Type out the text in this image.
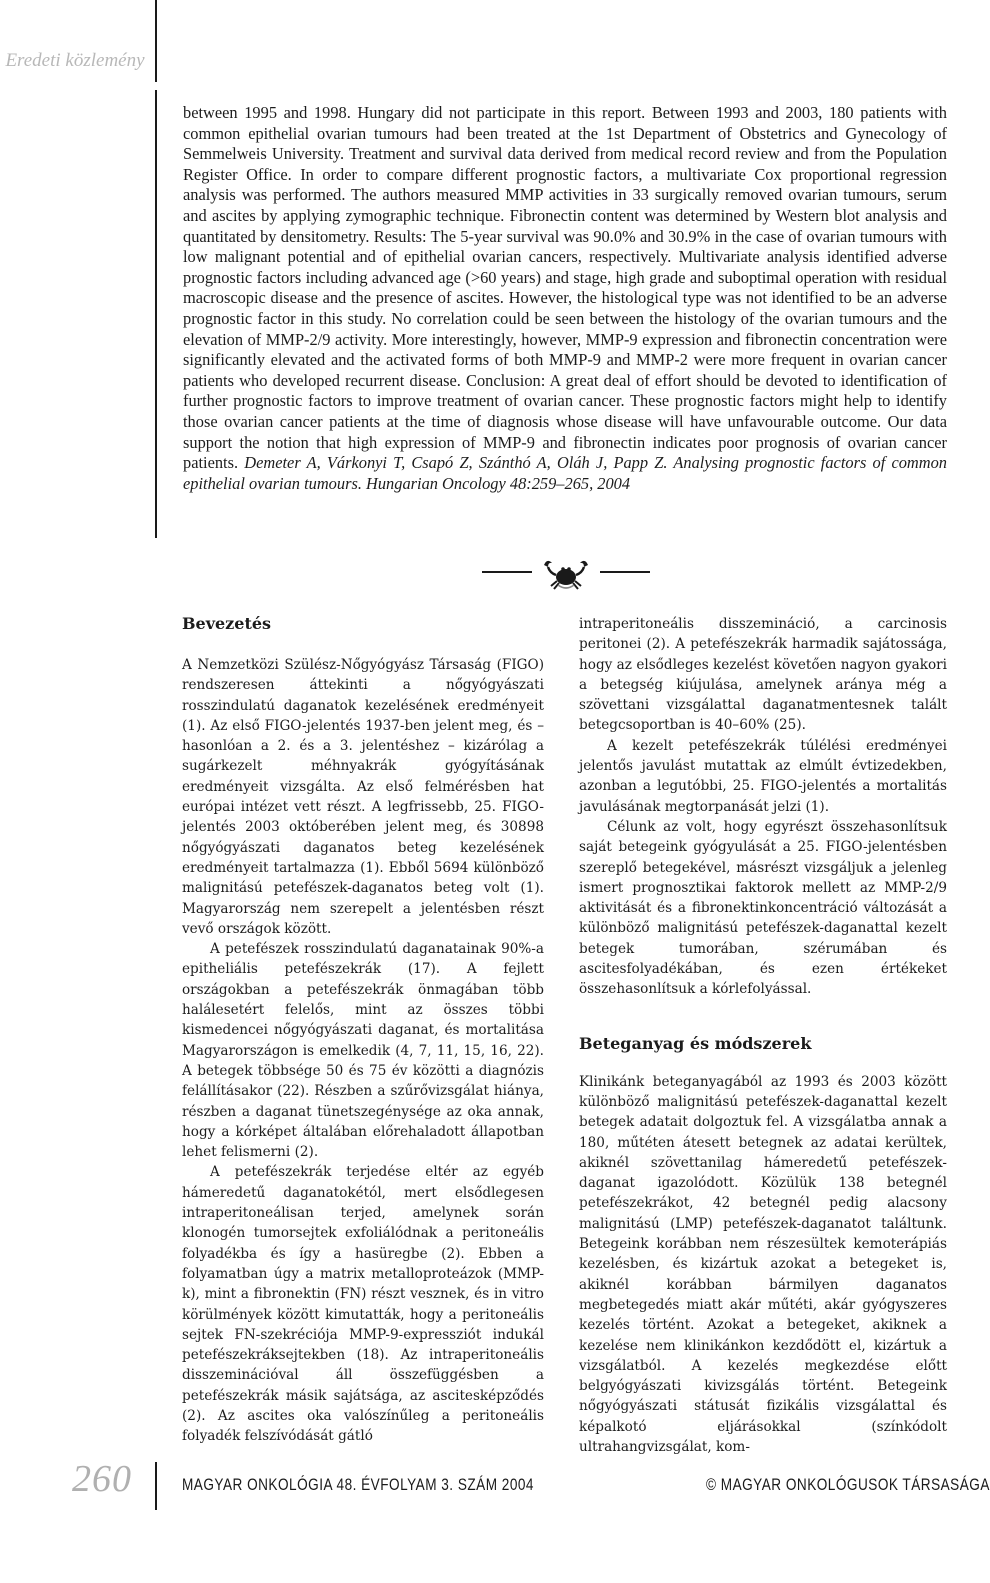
Eredeti közlemény
between 1995 and 1998. Hungary did not participate in this report. Between 1993 and 2003, 180 patients with common epithelial ovarian tumours had been treated at the 1st Department of Obstetrics and Gynecology of Semmelweis University. Treatment and survival data derived from medical record review and from the Population Register Office. In order to compare different prognostic factors, a multivariate Cox proportional regression analysis was performed. The authors measured MMP activities in 33 surgically removed ovarian tumours, serum and ascites by applying zymographic technique. Fibronectin content was determined by Western blot analysis and quantitated by densitometry. Results: The 5-year survival was 90.0% and 30.9% in the case of ovarian tumours with low malignant potential and of epithelial ovarian cancers, respectively. Multivariate analysis identified adverse prognostic factors including advanced age (>60 years) and stage, high grade and suboptimal operation with residual macroscopic disease and the presence of ascites. However, the histological type was not identified to be an adverse prognostic factor in this study. No correlation could be seen between the histology of the ovarian tumours and the elevation of MMP-2/9 activity. More interestingly, however, MMP-9 expression and fibronectin concentration were significantly elevated and the activated forms of both MMP-9 and MMP-2 were more frequent in ovarian cancer patients who developed recurrent disease. Conclusion: A great deal of effort should be devoted to identification of further prognostic factors to improve treatment of ovarian cancer. These prognostic factors might help to identify those ovarian cancer patients at the time of diagnosis whose disease will have unfavourable outcome. Our data support the notion that high expression of MMP-9 and fibronectin indicates poor prognosis of ovarian cancer patients. Demeter A, Várkonyi T, Csapó Z, Szánthó A, Oláh J, Papp Z. Analysing prognostic factors of common epithelial ovarian tumours. Hungarian Oncology 48:259–265, 2004
Bevezetés

A Nemzetközi Szülész-Nőgyógyász Társaság (FIGO) rendszeresen áttekinti a nőgyógyászati rosszindulatú daganatok kezelésének eredményeit (1). Az első FIGO-jelentés 1937-ben jelent meg, és – hasonlóan a 2. és a 3. jelentéshez – kizárólag a sugárkezelt méhnyakrák gyógyításának eredményeit vizsgálta. Az első felmérésben hat európai intézet vett részt. A legfrissebb, 25. FIGO-jelentés 2003 októberében jelent meg, és 30898 nőgyógyászati daganatos beteg kezelésének eredményeit tartalmazza (1). Ebből 5694 különböző malignitású petefészek-daganatos beteg volt (1). Magyarország nem szerepelt a jelentésben részt vevő országok között.

A petefészek rosszindulatú daganatainak 90%-a epitheliális petefészekrák (17). A fejlett országokban a petefészekrák önmagában több halálesetért felelős, mint az összes többi kismedencei nőgyógyászati daganat, és mortalitása Magyarországon is emelkedik (4, 7, 11, 15, 16, 22). A betegek többsége 50 és 75 év közötti a diagnózis felállításakor (22). Részben a szűrővizsgálat hiánya, részben a daganat tünetszegénysége az oka annak, hogy a kórképet általában előrehaladott állapotban lehet felismerni (2).

A petefészekrák terjedése eltér az egyéb hámeredetű daganatokétól, mert elsődlegesen intraperitoneálisan terjed, amelynek során klonogén tumorsejtek exfoliálódnak a peritoneális folyadékba és így a hasüregbe (2). Ebben a folyamatban úgy a matrix metalloproteázok (MMP-k), mint a fibronektin (FN) részt vesznek, és in vitro körülmények között kimutatták, hogy a peritoneális sejtek FN-szekréciója MMP-9-expressziót indukál petefészekráksejtekben (18). Az intraperitoneális disszeminációval áll összefüggésben a petefészekrák másik sajátsága, az ascitesképződés (2). Az ascites oka valószínűleg a peritoneális folyadék felszívódását gátló

intraperitoneális disszemináció, a carcinosis peritonei (2). A petefészekrák harmadik sajátossága, hogy az elsődleges kezelést követően nagyon gyakori a betegség kiújulása, amelynek aránya még a szövettani vizsgálattal daganatmentesnek talált betegcsoportban is 40–60% (25).

A kezelt petefészekrák túlélési eredményei jelentős javulást mutattak az elmúlt évtizedekben, azonban a legutóbbi, 25. FIGO-jelentés a mortalitás javulásának megtorpanását jelzi (1).

Célunk az volt, hogy egyrészt összehasonlítsuk saját betegeink gyógyulását a 25. FIGO-jelentésben szereplő betegekével, másrészt vizsgáljuk a jelenleg ismert prognosztikai faktorok mellett az MMP-2/9 aktivitását és a fibronektinkoncentráció változását a különböző malignitású petefészek-daganattal kezelt betegek tumorában, szérumában és ascitesfolyadékában, és ezen értékeket összehasonlítsuk a kórlefolyással.

Beteganyag és módszerek

Klinikánk beteganyagából az 1993 és 2003 között különböző malignitású petefészek-daganattal kezelt betegek adatait dolgoztuk fel. A vizsgálatba annak a 180, műtéten átesett betegnek az adatai kerültek, akiknél szövettanilag hámeredetű petefészek-daganat igazolódott. Közülük 138 betegnél petefészekrákot, 42 betegnél pedig alacsony malignitású (LMP) petefészek-daganatot találtunk. Betegeink korábban nem részesültek kemoterápiás kezelésben, és kizártuk azokat a betegeket is, akiknél korábban bármilyen daganatos megbetegedés miatt akár műtéti, akár gyógyszeres kezelés történt. Azokat a betegeket, akiknek a kezelése nem klinikánkon kezdődött el, kizártuk a vizsgálatból. A kezelés megkezdése előtt belgyógyászati kivizsgálás történt. Betegeink nőgyógyászati státusát fizikális vizsgálattal és képalkotó eljárásokkal (színkódolt ultrahangvizsgálat, kom-

260	MAGYAR ONKOLÓGIA 48. ÉVFOLYAM 3. SZÁM 2004	© MAGYAR ONKOLÓGUSOK TÁRSASÁGA
